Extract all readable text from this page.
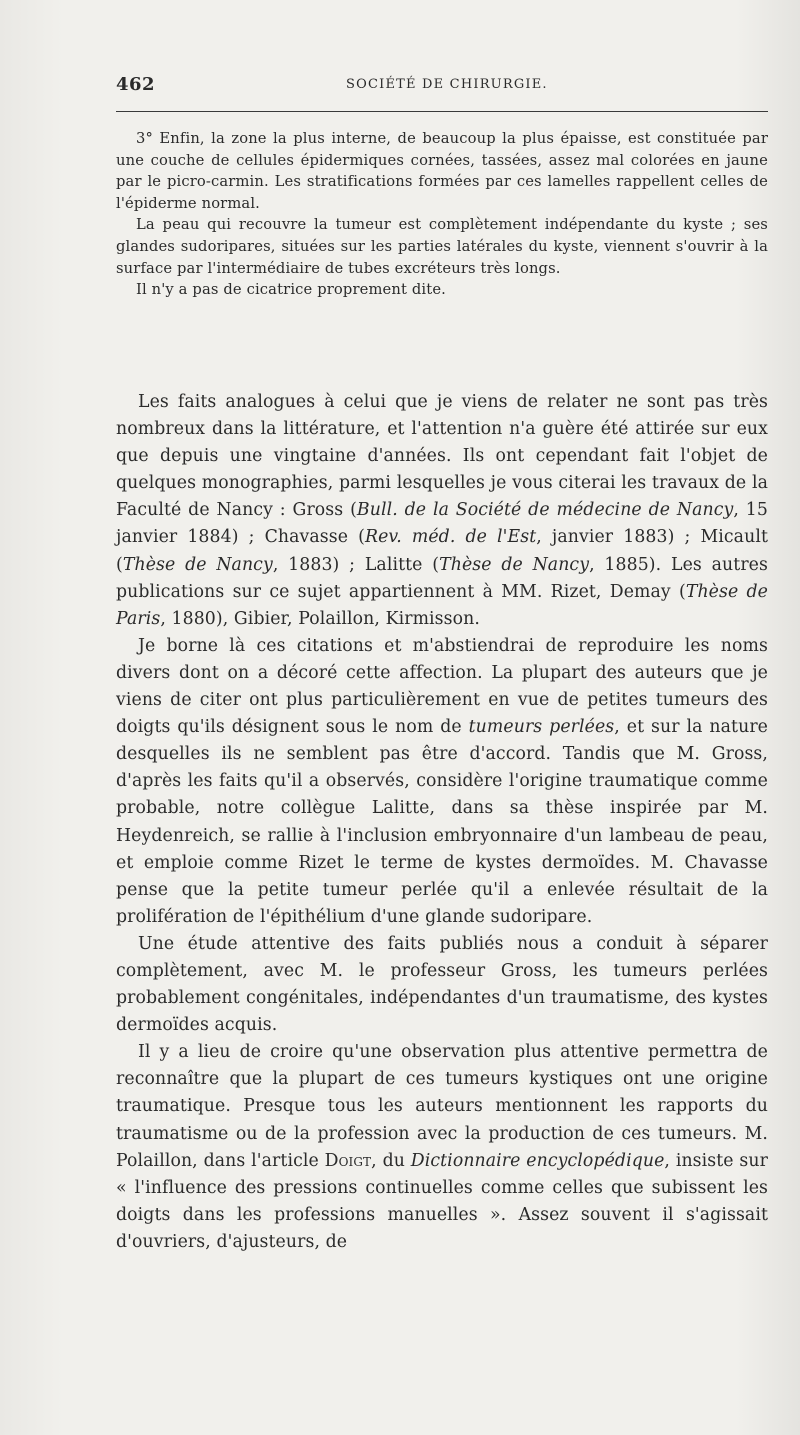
462	SOCIÉTÉ DE CHIRURGIE.

3° Enfin, la zone la plus interne, de beaucoup la plus épaisse, est constituée par une couche de cellules épidermiques cornées, tassées, assez mal colorées en jaune par le picro-carmin. Les stratifications formées par ces lamelles rappellent celles de l'épiderme normal.

La peau qui recouvre la tumeur est complètement indépendante du kyste ; ses glandes sudoripares, situées sur les parties latérales du kyste, viennent s'ouvrir à la surface par l'intermédiaire de tubes excréteurs très longs.

Il n'y a pas de cicatrice proprement dite.

Les faits analogues à celui que je viens de relater ne sont pas très nombreux dans la littérature, et l'attention n'a guère été attirée sur eux que depuis une vingtaine d'années. Ils ont cependant fait l'objet de quelques monographies, parmi lesquelles je vous citerai les travaux de la Faculté de Nancy : Gross (Bull. de la Société de médecine de Nancy, 15 janvier 1884) ; Chavasse (Rev. méd. de l'Est, janvier 1883) ; Micault (Thèse de Nancy, 1883) ; Lalitte (Thèse de Nancy, 1885). Les autres publications sur ce sujet appartiennent à MM. Rizet, Demay (Thèse de Paris, 1880), Gibier, Polaillon, Kirmisson.

Je borne là ces citations et m'abstiendrai de reproduire les noms divers dont on a décoré cette affection. La plupart des auteurs que je viens de citer ont plus particulièrement en vue de petites tumeurs des doigts qu'ils désignent sous le nom de tumeurs perlées, et sur la nature desquelles ils ne semblent pas être d'accord. Tandis que M. Gross, d'après les faits qu'il a observés, considère l'origine traumatique comme probable, notre collègue Lalitte, dans sa thèse inspirée par M. Heydenreich, se rallie à l'inclusion embryonnaire d'un lambeau de peau, et emploie comme Rizet le terme de kystes dermoïdes. M. Chavasse pense que la petite tumeur perlée qu'il a enlevée résultait de la prolifération de l'épithélium d'une glande sudoripare.

Une étude attentive des faits publiés nous a conduit à séparer complètement, avec M. le professeur Gross, les tumeurs perlées probablement congénitales, indépendantes d'un traumatisme, des kystes dermoïdes acquis.

Il y a lieu de croire qu'une observation plus attentive permettra de reconnaître que la plupart de ces tumeurs kystiques ont une origine traumatique. Presque tous les auteurs mentionnent les rapports du traumatisme ou de la profession avec la production de ces tumeurs. M. Polaillon, dans l'article Doigt, du Dictionnaire encyclopédique, insiste sur « l'influence des pressions continuelles comme celles que subissent les doigts dans les professions manuelles ». Assez souvent il s'agissait d'ouvriers, d'ajusteurs, de
